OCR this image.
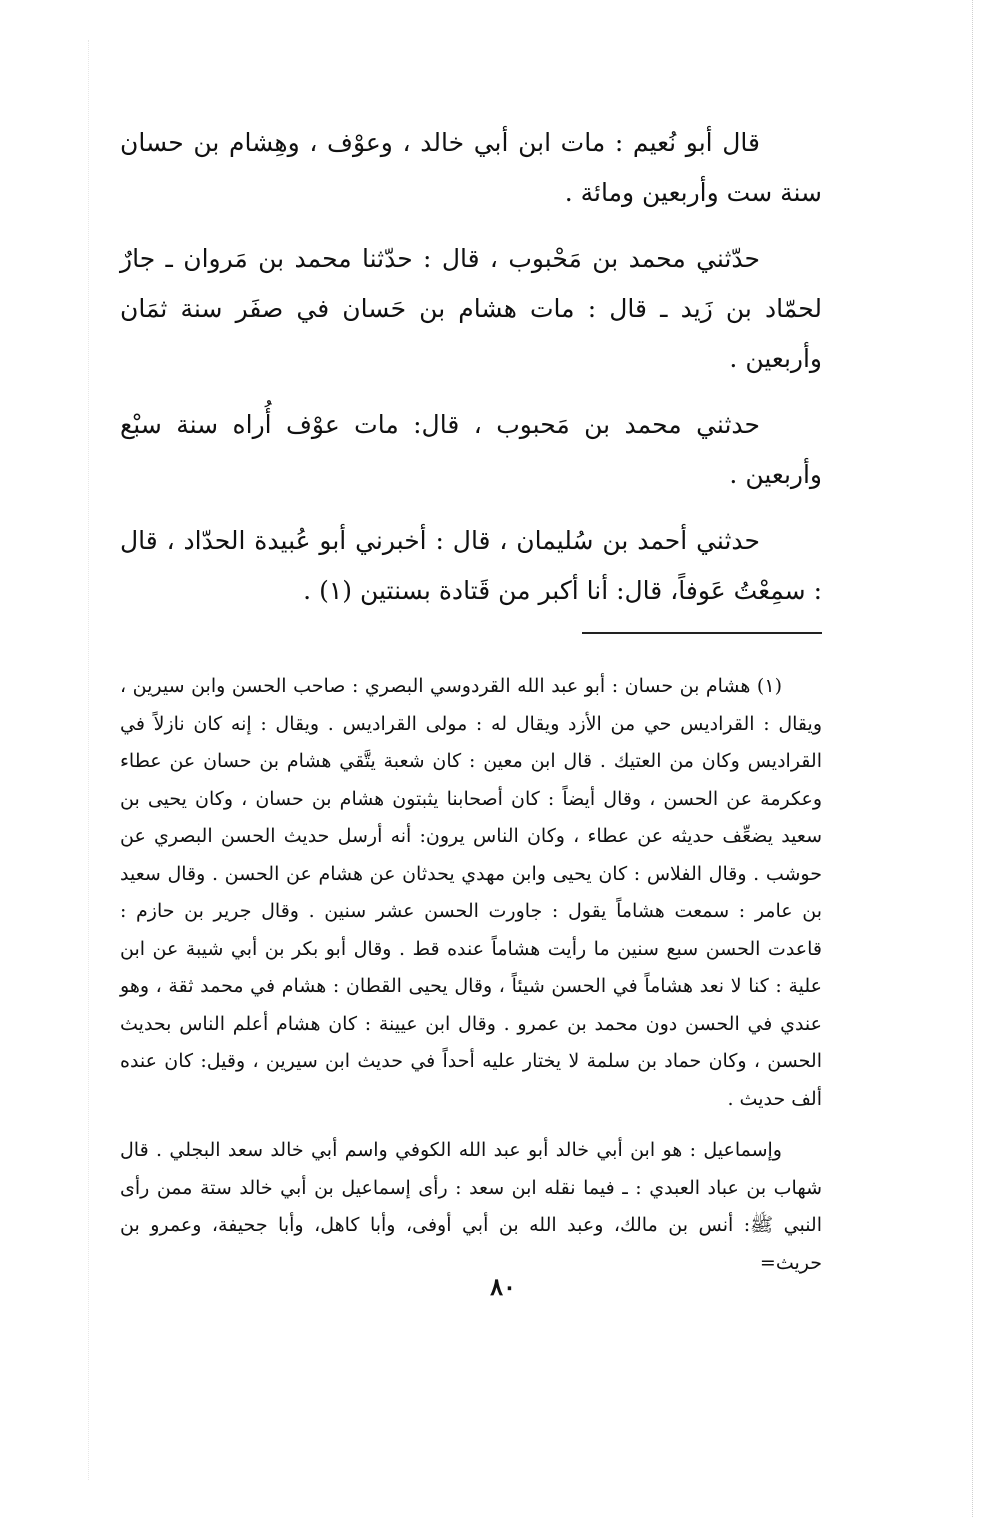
قال أبو نُعيم : مات ابن أبي خالد ، وعوْف ، وهِشام بن حسان سنة ست وأربعين ومائة .

حدّثني محمد بن مَحْبوب ، قال : حدّثنا محمد بن مَروان ـ جارٌ لحمّاد بن زَيد ـ قال : مات هشام بن حَسان في صفَر سنة ثمَان وأربعين .

حدثني محمد بن مَحبوب ، قال: مات عوْف أُراه سنة سبْع وأربعين .

حدثني أحمد بن سُليمان ، قال : أخبرني أبو عُبيدة الحدّاد ، قال : سمِعْتُ عَوفاً، قال: أنا أكبر من قَتادة بسنتين (١) .

(١) هشام بن حسان : أبو عبد الله القردوسي البصري : صاحب الحسن وابن سيرين ، ويقال : القراديس حي من الأزد ويقال له : مولى القراديس . ويقال : إنه كان نازلاً في القراديس وكان من العتيك . قال ابن معين : كان شعبة يتَّقي هشام بن حسان عن عطاء وعكرمة عن الحسن ، وقال أيضاً : كان أصحابنا يثبتون هشام بن حسان ، وكان يحيى بن سعيد يضعِّف حديثه عن عطاء ، وكان الناس يرون: أنه أرسل حديث الحسن البصري عن حوشب . وقال الفلاس : كان يحيى وابن مهدي يحدثان عن هشام عن الحسن . وقال سعيد بن عامر : سمعت هشاماً يقول : جاورت الحسن عشر سنين . وقال جرير بن حازم : قاعدت الحسن سبع سنين ما رأيت هشاماً عنده قط . وقال أبو بكر بن أبي شيبة عن ابن علية : كنا لا نعد هشاماً في الحسن شيئاً ، وقال يحيى القطان : هشام في محمد ثقة ، وهو عندي في الحسن دون محمد بن عمرو . وقال ابن عيينة : كان هشام أعلم الناس بحديث الحسن ، وكان حماد بن سلمة لا يختار عليه أحداً في حديث ابن سيرين ، وقيل: كان عنده ألف حديث .

وإسماعيل : هو ابن أبي خالد أبو عبد الله الكوفي واسم أبي خالد سعد البجلي . قال شهاب بن عباد العبدي : ـ فيما نقله ابن سعد : رأى إسماعيل بن أبي خالد ستة ممن رأى النبي ﷺ: أنس بن مالك، وعبد الله بن أبي أوفى، وأبا كاهل، وأبا جحيفة، وعمرو بن حريث=

٨٠
